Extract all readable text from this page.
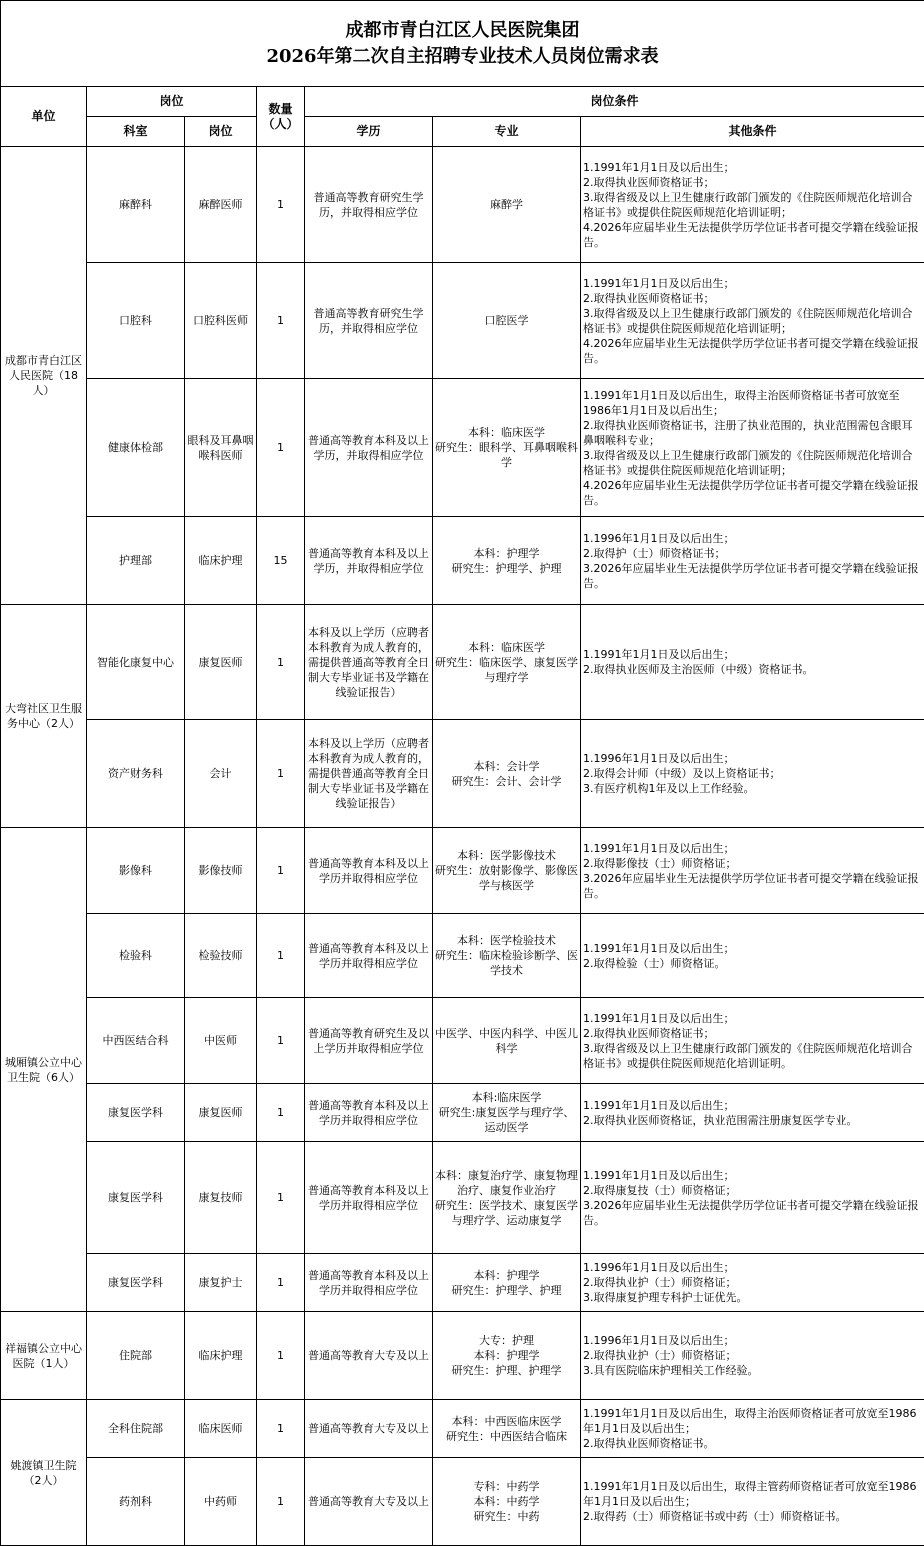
成都市青白江区人民医院集团
2026年第二次自主招聘专业技术人员岗位需求表						

单位	岗位		数量（人）	岗位条件		
	科室	岗位		学历	专业	其他条件

成都市青白江区人民医院（18人）	麻醉科	麻醉医师	1	普通高等教育研究生学历，并取得相应学位	麻醉学	1.1991年1月1日及以后出生；
2.取得执业医师资格证书；
3.取得省级及以上卫生健康行政部门颁发的《住院医师规范化培训合格证书》或提供住院医师规范化培训证明；
4.2026年应届毕业生无法提供学历学位证书者可提交学籍在线验证报告。

	口腔科	口腔科医师	1	普通高等教育研究生学历，并取得相应学位	口腔医学	1.1991年1月1日及以后出生；
2.取得执业医师资格证书；
3.取得省级及以上卫生健康行政部门颁发的《住院医师规范化培训合格证书》或提供住院医师规范化培训证明；
4.2026年应届毕业生无法提供学历学位证书者可提交学籍在线验证报告。

	健康体检部	眼科及耳鼻咽喉科医师	1	普通高等教育本科及以上学历，并取得相应学位	本科：临床医学
研究生：眼科学、耳鼻咽喉科学	1.1991年1月1日及以后出生，取得主治医师资格证书者可放宽至1986年1月1日及以后出生；
2.取得执业医师资格证书，注册了执业范围的，执业范围需包含眼耳鼻咽喉科专业；
3.取得省级及以上卫生健康行政部门颁发的《住院医师规范化培训合格证书》或提供住院医师规范化培训证明；
4.2026年应届毕业生无法提供学历学位证书者可提交学籍在线验证报告。

	护理部	临床护理	15	普通高等教育本科及以上学历，并取得相应学位	本科：护理学
研究生：护理学、护理	1.1996年1月1日及以后出生；
2.取得护（士）师资格证书；
3.2026年应届毕业生无法提供学历学位证书者可提交学籍在线验证报告。

大弯社区卫生服务中心（2人）	智能化康复中心	康复医师	1	本科及以上学历（应聘者本科教育为成人教育的，需提供普通高等教育全日制大专毕业证书及学籍在线验证报告）	本科：临床医学
研究生：临床医学、康复医学与理疗学	1.1991年1月1日及以后出生；
2.取得执业医师及主治医师（中级）资格证书。

	资产财务科	会计	1	本科及以上学历（应聘者本科教育为成人教育的，需提供普通高等教育全日制大专毕业证书及学籍在线验证报告）	本科：会计学
研究生：会计、会计学	1.1996年1月1日及以后出生；
2.取得会计师（中级）及以上资格证书；
3.有医疗机构1年及以上工作经验。

城厢镇公立中心卫生院（6人）	影像科	影像技师	1	普通高等教育本科及以上学历并取得相应学位	本科：医学影像技术
研究生：放射影像学、影像医学与核医学	1.1991年1月1日及以后出生；
2.取得影像技（士）师资格证；
3.2026年应届毕业生无法提供学历学位证书者可提交学籍在线验证报告。

	检验科	检验技师	1	普通高等教育本科及以上学历并取得相应学位	本科：医学检验技术
研究生：临床检验诊断学、医学技术	1.1991年1月1日及以后出生；
2.取得检验（士）师资格证。

	中西医结合科	中医师	1	普通高等教育研究生及以上学历并取得相应学位	中医学、中医内科学、中医儿科学	1.1991年1月1日及以后出生；
2.取得执业医师资格证书；
3.取得省级及以上卫生健康行政部门颁发的《住院医师规范化培训合格证书》或提供住院医师规范化培训证明。

	康复医学科	康复医师	1	普通高等教育本科及以上学历并取得相应学位	本科:临床医学
研究生:康复医学与理疗学、运动医学	1.1991年1月1日及以后出生；
2.取得执业医师资格证，执业范围需注册康复医学专业。

	康复医学科	康复技师	1	普通高等教育本科及以上学历并取得相应学位	本科：康复治疗学、康复物理治疗、康复作业治疗
研究生：医学技术、康复医学与理疗学、运动康复学	1.1991年1月1日及以后出生；
2.取得康复技（士）师资格证；
3.2026年应届毕业生无法提供学历学位证书者可提交学籍在线验证报告。

	康复医学科	康复护士	1	普通高等教育本科及以上学历并取得相应学位	本科：护理学
研究生：护理学、护理	1.1996年1月1日及以后出生；
2.取得执业护（士）师资格证；
3.取得康复护理专科护士证优先。

祥福镇公立中心医院（1人）	住院部	临床护理	1	普通高等教育大专及以上	大专：护理
本科：护理学
研究生：护理、护理学	1.1996年1月1日及以后出生；
2.取得执业护（士）师资格证；
3.具有医院临床护理相关工作经验。

姚渡镇卫生院（2人）	全科住院部	临床医师	1	普通高等教育大专及以上	本科：中西医临床医学
研究生：中西医结合临床	1.1991年1月1日及以后出生，取得主治医师资格证者可放宽至1986年1月1日及以后出生；
2.取得执业医师资格证书。

	药剂科	中药师	1	普通高等教育大专及以上	专科：中药学
本科：中药学
研究生：中药	1.1991年1月1日及以后出生，取得主管药师资格证者可放宽至1986年1月1日及以后出生；
2.取得药（士）师资格证书或中药（士）师资格证书。
